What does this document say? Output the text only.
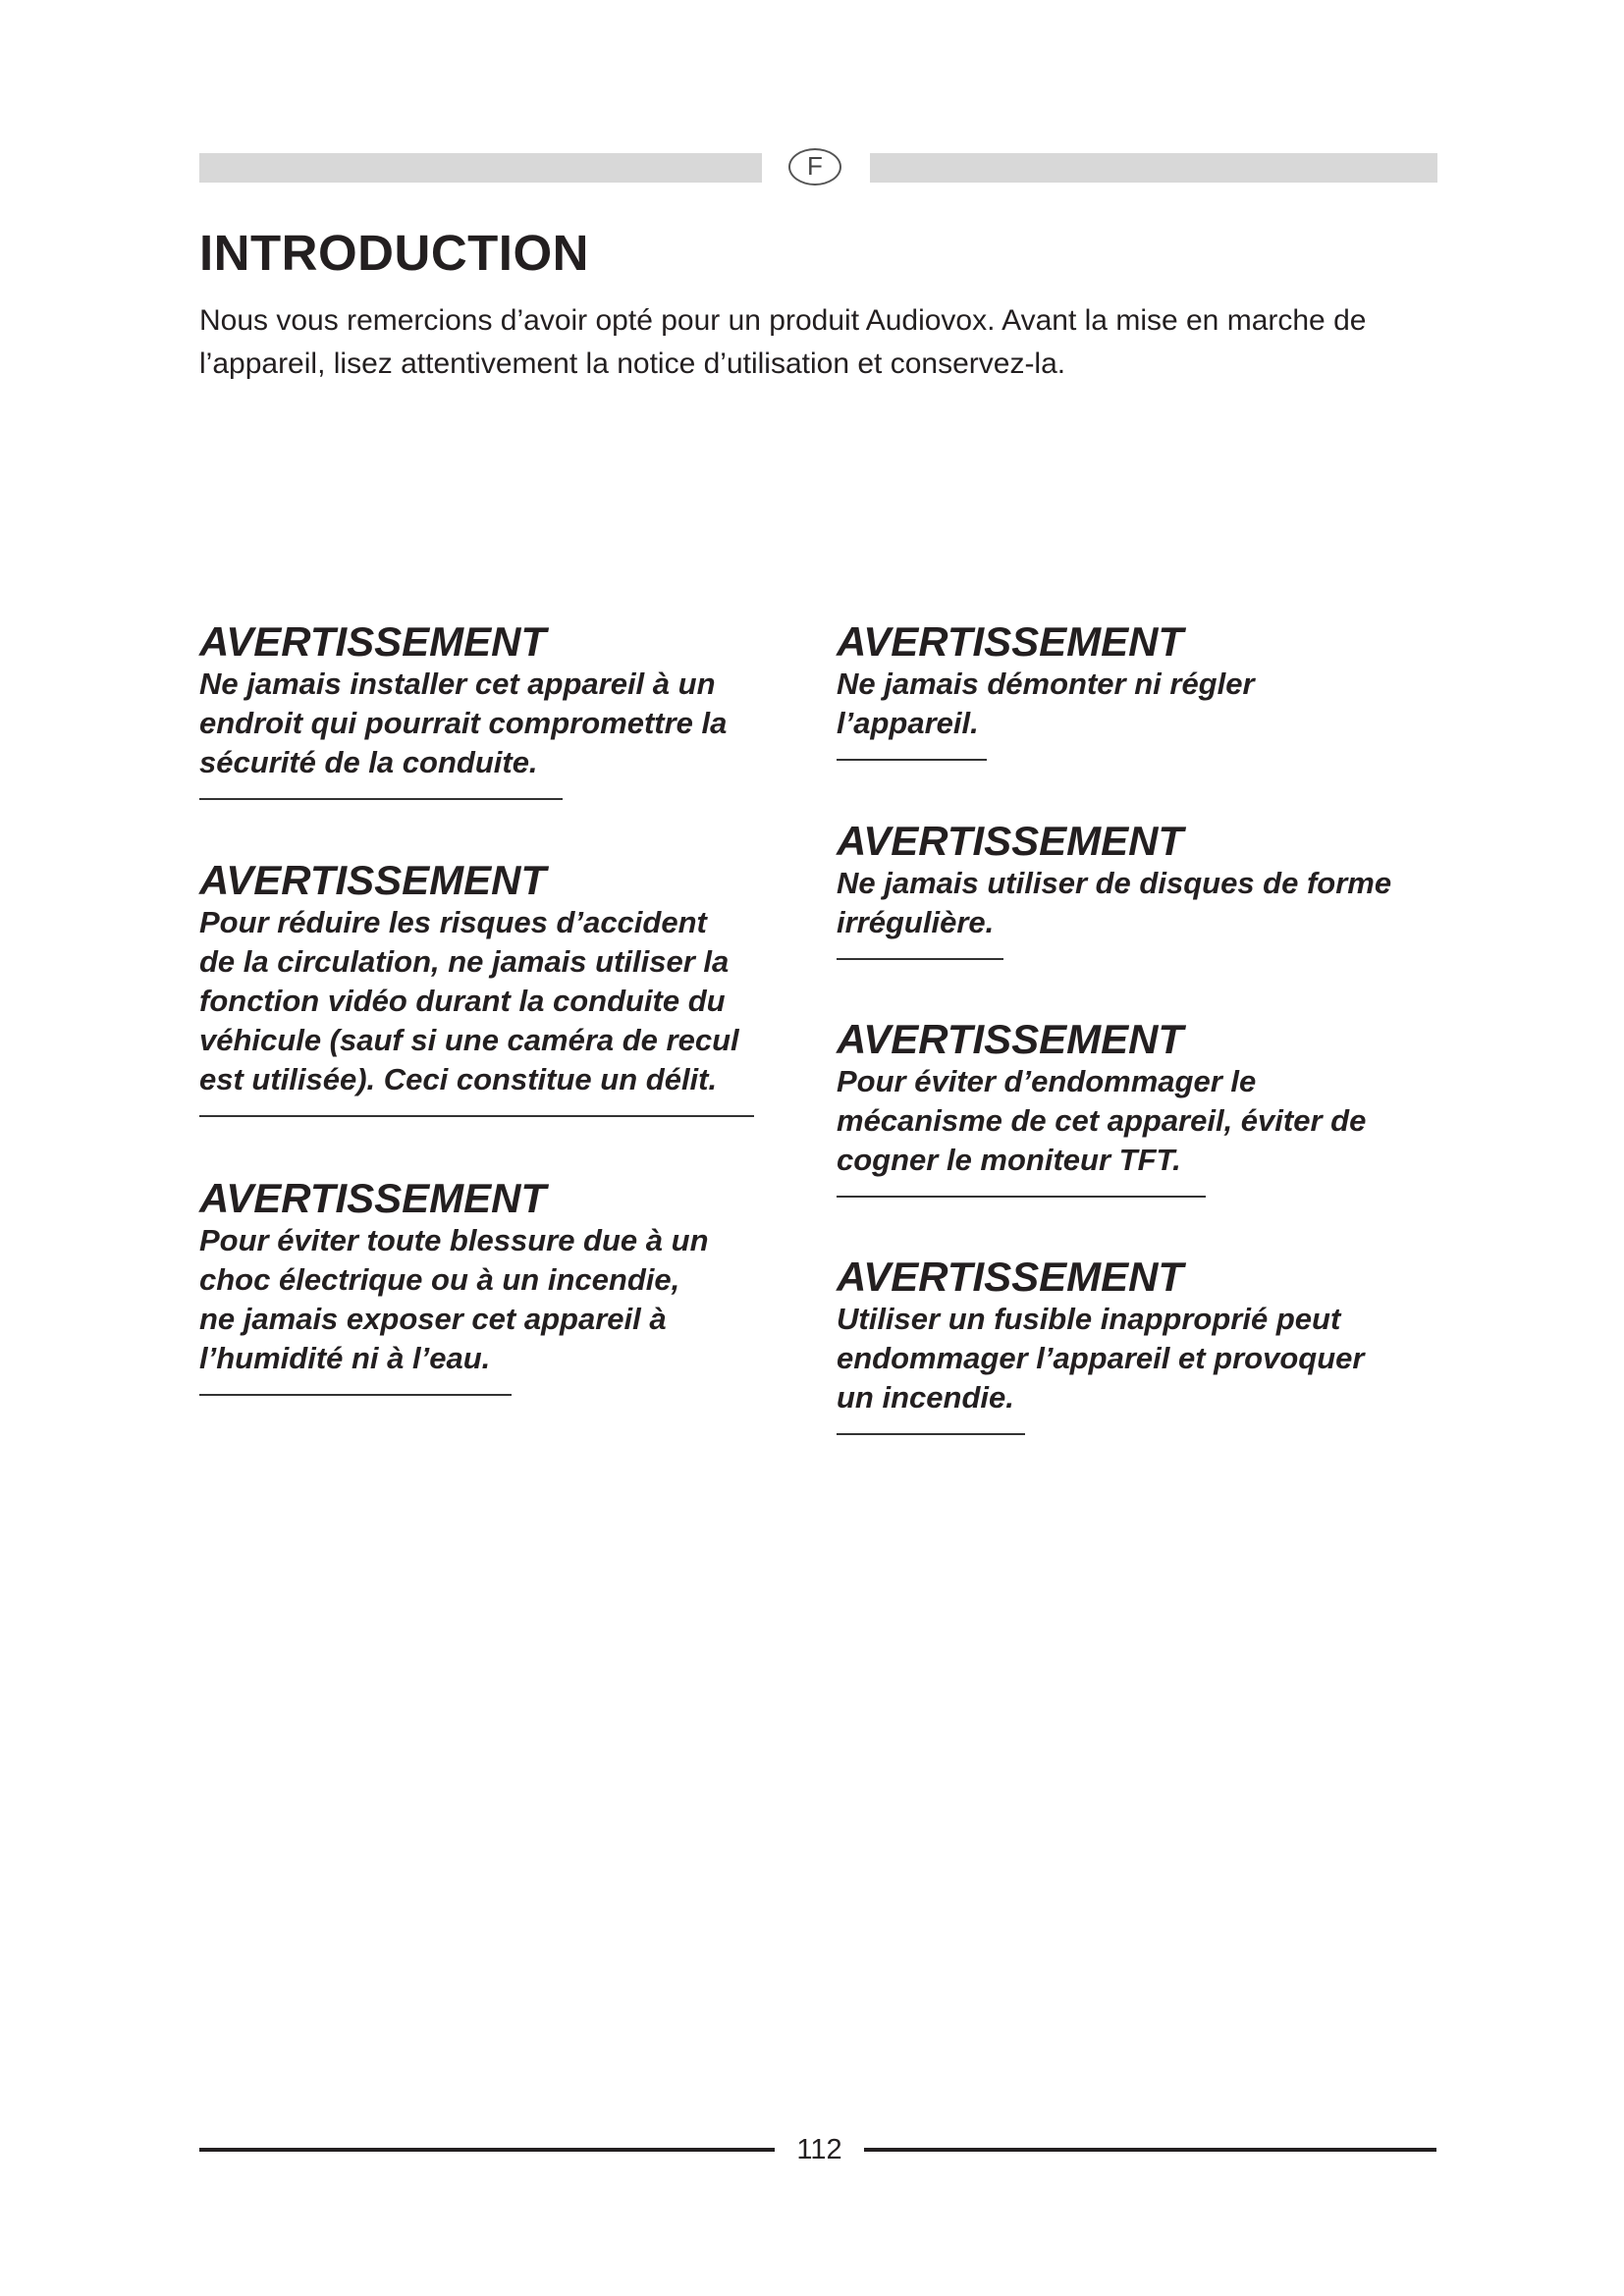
F
INTRODUCTION

Nous vous remercions d’avoir opté pour un produit Audiovox. Avant la mise en marche de l’appareil, lisez attentivement la notice d’utilisation et conservez-la.

AVERTISSEMENT

Ne jamais installer cet appareil à un

endroit qui pourrait compromettre la

sécurité de la conduite.

AVERTISSEMENT

Pour réduire les risques d’accident

de la circulation, ne jamais utiliser la

fonction vidéo durant la conduite du

véhicule (sauf si une caméra de recul

est utilisée). Ceci constitue un délit.

AVERTISSEMENT

Pour éviter toute blessure due à un

choc électrique ou à un incendie,

ne jamais exposer cet appareil à

l’humidité ni à l’eau.

AVERTISSEMENT

Ne jamais démonter ni régler

l’appareil.

AVERTISSEMENT

Ne jamais utiliser de disques de forme

irrégulière.

AVERTISSEMENT

Pour éviter d’endommager le

mécanisme de cet appareil, éviter de

cogner le moniteur TFT.

AVERTISSEMENT

Utiliser un fusible inapproprié peut

endommager l’appareil et provoquer

un incendie.

112
